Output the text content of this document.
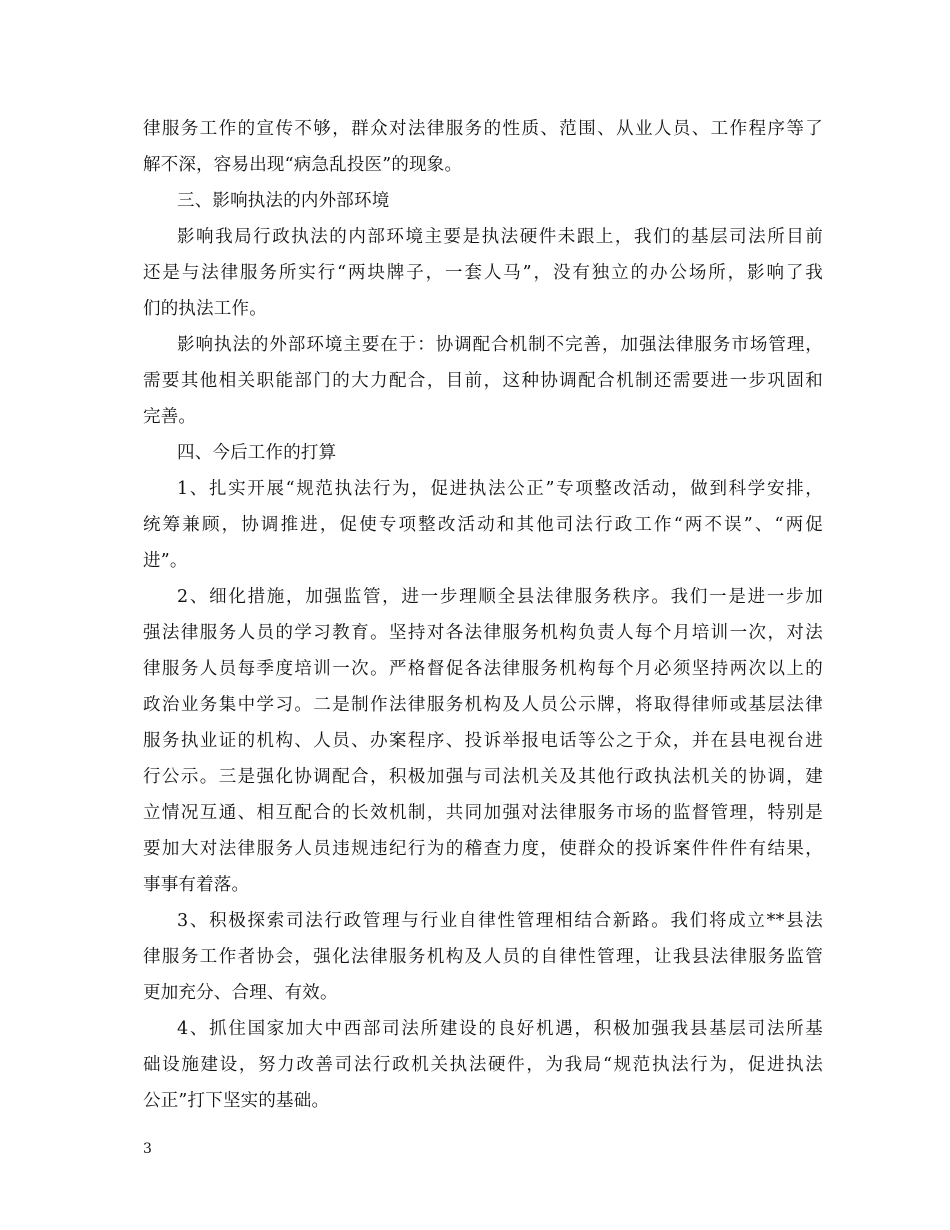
律服务工作的宣传不够，群众对法律服务的性质、范围、从业人员、工作程序等了
解不深，容易出现“病急乱投医”的现象。
三、影响执法的内外部环境
影响我局行政执法的内部环境主要是执法硬件未跟上，我们的基层司法所目前
还是与法律服务所实行“两块牌子，一套人马”，没有独立的办公场所，影响了我
们的执法工作。
影响执法的外部环境主要在于：协调配合机制不完善，加强法律服务市场管理，
需要其他相关职能部门的大力配合，目前，这种协调配合机制还需要进一步巩固和
完善。
四、今后工作的打算
1、扎实开展“规范执法行为，促进执法公正”专项整改活动，做到科学安排，
统筹兼顾，协调推进，促使专项整改活动和其他司法行政工作“两不误”、“两促
进”。
2、细化措施，加强监管，进一步理顺全县法律服务秩序。我们一是进一步加
强法律服务人员的学习教育。坚持对各法律服务机构负责人每个月培训一次，对法
律服务人员每季度培训一次。严格督促各法律服务机构每个月必须坚持两次以上的
政治业务集中学习。二是制作法律服务机构及人员公示牌，将取得律师或基层法律
服务执业证的机构、人员、办案程序、投诉举报电话等公之于众，并在县电视台进
行公示。三是强化协调配合，积极加强与司法机关及其他行政执法机关的协调，建
立情况互通、相互配合的长效机制，共同加强对法律服务市场的监督管理，特别是
要加大对法律服务人员违规违纪行为的稽查力度，使群众的投诉案件件件有结果，
事事有着落。
3、积极探索司法行政管理与行业自律性管理相结合新路。我们将成立**县法
律服务工作者协会，强化法律服务机构及人员的自律性管理，让我县法律服务监管
更加充分、合理、有效。
4、抓住国家加大中西部司法所建设的良好机遇，积极加强我县基层司法所基
础设施建设，努力改善司法行政机关执法硬件，为我局“规范执法行为，促进执法
公正”打下坚实的基础。
3
